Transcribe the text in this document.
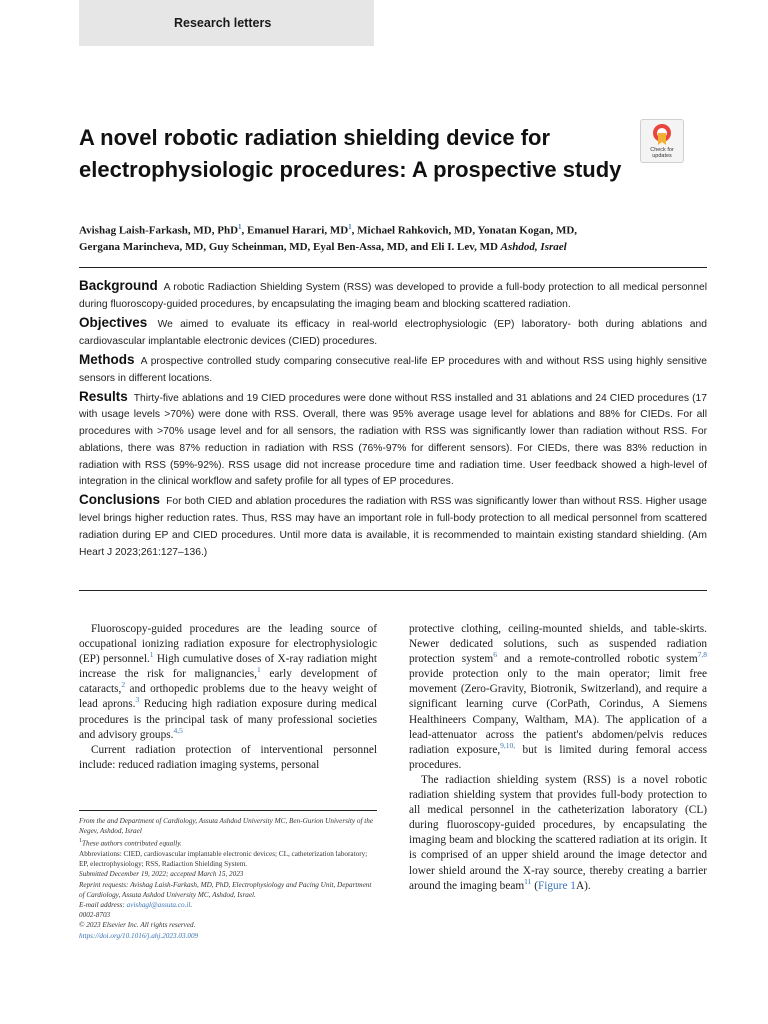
Research letters
A novel robotic radiation shielding device for electrophysiologic procedures: A prospective study
Check for
updates
Avishag Laish-Farkash, MD, PhD$^1$, Emanuel Harari, $MD^1$, Michael Rahkovich, MD, Yonatan Kogan, MD,
Gergana Marincheva, MD, Guy Scheinman, MD, Eyal Ben-Assa, MD, and Eli I. Lev, MD Ashdod, Israel

Background A robotic Radiaction Shielding System (RSS) was developed to provide a full-body protection to all medical personnel during fluoroscopy-guided procedures, by encapsulating the imaging beam and blocking scattered radiation.

Objectives We aimed to evaluate its efficacy in real-world electrophysiologic (EP) laboratory- both during ablations and cardiovascular implantable electronic devices (CIED) procedures.

Methods A prospective controlled study comparing consecutive real-life EP procedures with and without RSS using highly sensitive sensors in different locations.

Results Thirty-five ablations and 19 CIED procedures were done without RSS installed and 31 ablations and 24 CIED procedures (17 with usage levels >70%) were done with RSS. Overall, there was 95% average usage level for ablations and 88% for CIEDs. For all procedures with >70% usage level and for all sensors, the radiation with RSS was significantly lower than radiation without RSS. For ablations, there was 87% reduction in radiation with RSS (76%-97% for different sensors). For CIEDs, there was 83% reduction in radiation with RSS (59%-92%). RSS usage did not increase procedure time and radiation time. User feedback showed a high-level of integration in the clinical workflow and safety profile for all types of EP procedures.

Conclusions For both CIED and ablation procedures the radiation with RSS was significantly lower than without RSS. Higher usage level brings higher reduction rates. Thus, RSS may have an important role in full-body protection to all medical personnel from scattered radiation during EP and CIED procedures. Until more data is available, it is recommended to maintain existing standard shielding. (Am Heart J 2023;261:127–136.)

Fluoroscopy-guided procedures are the leading source of occupational ionizing radiation exposure for electrophysiologic (EP) personnel.$^1$ High cumulative doses of X-ray radiation might increase the risk for malignancies,$^1$ early development of cataracts,$^2$ and orthopedic problems due to the heavy weight of lead aprons.$^3$ Reducing high radiation exposure during medical procedures is the principal task of many professional societies and advisory groups.$^{4,5}$

Current radiation protection of interventional personnel include: reduced radiation imaging systems, personal

protective clothing, ceiling-mounted shields, and table-skirts. Newer dedicated solutions, such as suspended radiation protection system$^6$ and a remote-controlled robotic system$^{7,8}$ provide protection only to the main operator; limit free movement (Zero-Gravity, Biotronik, Switzerland), and require a significant learning curve (CorPath, Corindus, A Siemens Healthineers Company, Waltham, MA). The application of a lead-attenuator across the patient's abdomen/pelvis reduces radiation exposure,$^{9,10,}$ but is limited during femoral access procedures.

The radiaction shielding system (RSS) is a novel robotic radiation shielding system that provides full-body protection to all medical personnel in the catheterization laboratory (CL) during fluoroscopy-guided procedures, by encapsulating the imaging beam and blocking the scattered radiation at its origin. It is comprised of an upper shield around the image detector and lower shield around the X-ray source, thereby creating a barrier around the imaging beam$^{11}$ (Figure 1A).

From the and Department of Cardiology, Assuta Ashdod University MC, Ben-Gurion University of the Negev, Ashdod, Israel
$^1$These authors contributed equally.
Abbreviations: CIED, cardiovascular implantable electronic devices; CL, catheterization laboratory; EP, electrophysiology; RSS, Radiaction Shielding System.
Submitted December 19, 2022; accepted March 15, 2023
Reprint requests: Avishag Laish-Farkash, MD, PhD, Electrophysiology and Pacing Unit, Department of Cardiology, Assuta Ashdod University MC, Ashdod, Israel.
E-mail address: avishagl@assuta.co.il.
0002-8703
© 2023 Elsevier Inc. All rights reserved.
https://doi.org/10.1016/j.ahj.2023.03.009
